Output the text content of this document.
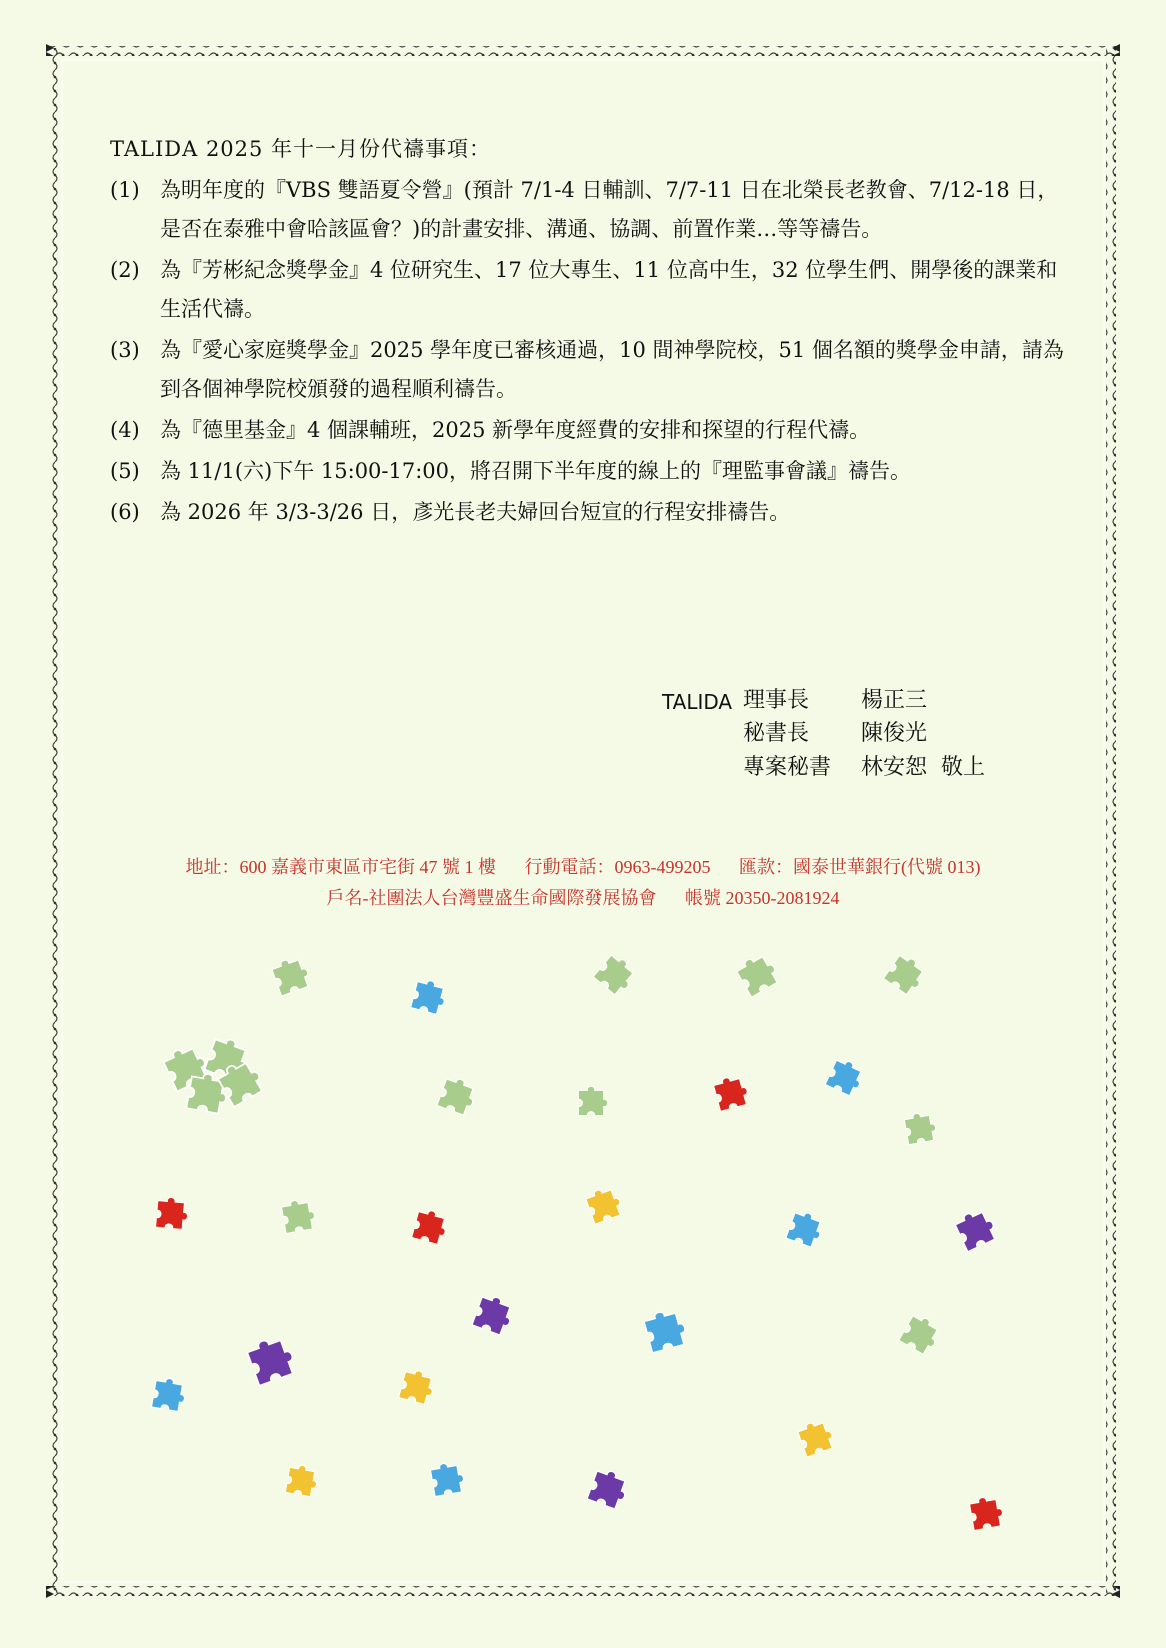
TALIDA 2025 年十一月份代禱事項：
(1) 為明年度的『VBS 雙語夏令營』(預計 7/1-4 日輔訓、7/7-11 日在北榮長老教會、7/12-18 日，是否在泰雅中會哈該區會？)的計畫安排、溝通、協調、前置作業…等等禱告。
(2) 為『芳彬紀念獎學金』4 位研究生、17 位大專生、11 位高中生，32 位學生們、開學後的課業和生活代禱。
(3) 為『愛心家庭獎學金』2025 學年度已審核通過，10 間神學院校，51 個名額的獎學金申請，請為到各個神學院校頒發的過程順利禱告。
(4) 為『德里基金』4 個課輔班，2025 新學年度經費的安排和探望的行程代禱。
(5) 為 11/1(六)下午 15:00-17:00，將召開下半年度的線上的『理監事會議』禱告。
(6) 為 2026 年 3/3-3/26 日，彥光長老夫婦回台短宣的行程安排禱告。
TALIDA 理事長 楊正三
秘書長 陳俊光
專案秘書 林安恕  敬上
地址：600 嘉義市東區市宅街 47 號 1 樓 行動電話：0963-499205 匯款：國泰世華銀行(代號 013)
戶名-社團法人台灣豐盛生命國際發展協會 帳號 20350-2081924
